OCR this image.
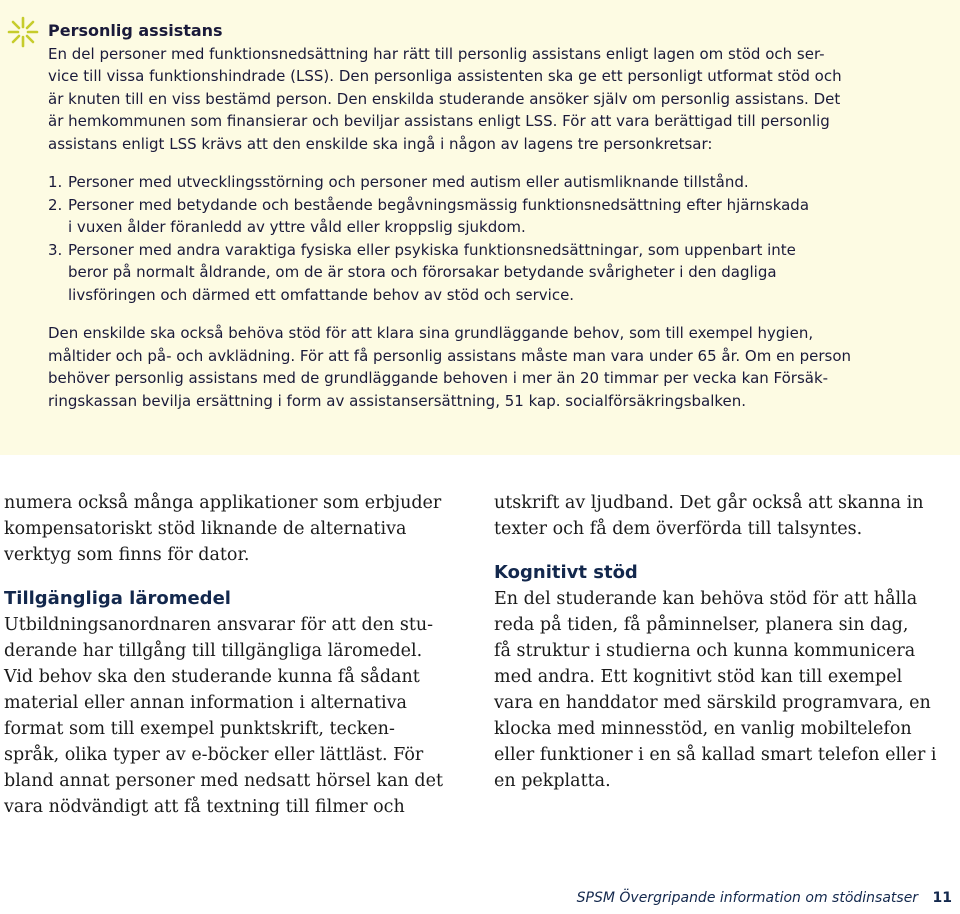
Personlig assistans

En del personer med funktionsnedsättning har rätt till personlig assistans enligt lagen om stöd och ser-
vice till vissa funktionshindrade (LSS). Den personliga assistenten ska ge ett personligt utformat stöd och
är knuten till en viss bestämd person. Den enskilda studerande ansöker själv om personlig assistans. Det
är hemkommunen som finansierar och beviljar assistans enligt LSS. För att vara berättigad till personlig
assistans enligt LSS krävs att den enskilde ska ingå i någon av lagens tre personkretsar:

1. Personer med utvecklingsstörning och personer med autism eller autismliknande tillstånd.
2. Personer med betydande och bestående begåvningsmässig funktionsnedsättning efter hjärnskada
i vuxen ålder föranledd av yttre våld eller kroppslig sjukdom.
3. Personer med andra varaktiga fysiska eller psykiska funktionsnedsättningar, som uppenbart inte
beror på normalt åldrande, om de är stora och förorsakar betydande svårigheter i den dagliga
livsföringen och därmed ett omfattande behov av stöd och service.

Den enskilde ska också behöva stöd för att klara sina grundläggande behov, som till exempel hygien,
måltider och på- och avklädning. För att få personlig assistans måste man vara under 65 år. Om en person
behöver personlig assistans med de grundläggande behoven i mer än 20 timmar per vecka kan Försäk-
ringskassan bevilja ersättning i form av assistansersättning, 51 kap. socialförsäkringsbalken.

numera också många applikationer som erbjuder
kompensatoriskt stöd liknande de alternativa
verktyg som finns för dator.

Tillgängliga läromedel

Utbildningsanordnaren ansvarar för att den stu-
derande har tillgång till tillgängliga läromedel.
Vid behov ska den studerande kunna få sådant
material eller annan information i alternativa
format som till exempel punktskrift, tecken-
språk, olika typer av e-böcker eller lättläst. För
bland annat personer med nedsatt hörsel kan det
vara nödvändigt att få textning till filmer och

utskrift av ljudband. Det går också att skanna in
texter och få dem överförda till talsyntes.

Kognitivt stöd

En del studerande kan behöva stöd för att hålla
reda på tiden, få påminnelser, planera sin dag,
få struktur i studierna och kunna kommunicera
med andra. Ett kognitivt stöd kan till exempel
vara en handdator med särskild programvara, en
klocka med minnesstöd, en vanlig mobiltelefon
eller funktioner i en så kallad smart telefon eller i
en pekplatta.

SPSM Övergripande information om stödinsatser 11
